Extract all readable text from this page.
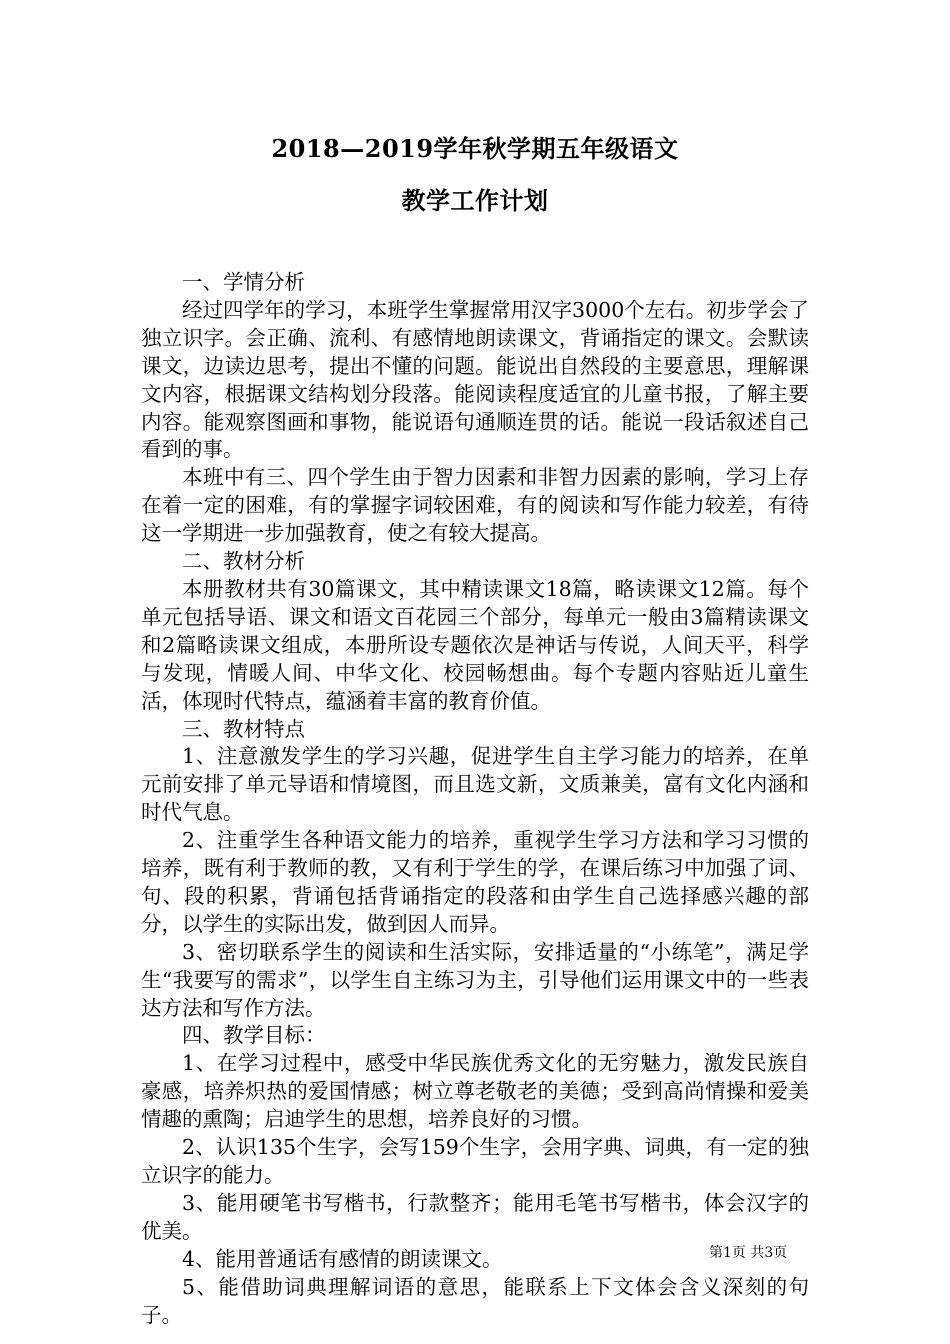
2018—2019学年秋学期五年级语文
教学工作计划

一、学情分析

经过四学年的学习，本班学生掌握常用汉字3000个左右。初步学会了独立识字。会正确、流利、有感情地朗读课文，背诵指定的课文。会默读课文，边读边思考，提出不懂的问题。能说出自然段的主要意思，理解课文内容，根据课文结构划分段落。能阅读程度适宜的儿童书报，了解主要内容。能观察图画和事物，能说语句通顺连贯的话。能说一段话叙述自己看到的事。

本班中有三、四个学生由于智力因素和非智力因素的影响，学习上存在着一定的困难，有的掌握字词较困难，有的阅读和写作能力较差，有待这一学期进一步加强教育，使之有较大提高。

二、教材分析

本册教材共有30篇课文，其中精读课文18篇，略读课文12篇。每个单元包括导语、课文和语文百花园三个部分，每单元一般由3篇精读课文和2篇略读课文组成，本册所设专题依次是神话与传说，人间天平，科学与发现，情暖人间、中华文化、校园畅想曲。每个专题内容贴近儿童生活，体现时代特点，蕴涵着丰富的教育价值。

三、教材特点

1、注意激发学生的学习兴趣，促进学生自主学习能力的培养，在单元前安排了单元导语和情境图，而且选文新，文质兼美，富有文化内涵和时代气息。

2、注重学生各种语文能力的培养，重视学生学习方法和学习习惯的培养，既有利于教师的教，又有利于学生的学，在课后练习中加强了词、句、段的积累，背诵包括背诵指定的段落和由学生自己选择感兴趣的部分，以学生的实际出发，做到因人而异。

3、密切联系学生的阅读和生活实际，安排适量的“小练笔”，满足学生“我要写的需求”，以学生自主练习为主，引导他们运用课文中的一些表达方法和写作方法。

四、教学目标：

1、在学习过程中，感受中华民族优秀文化的无穷魅力，激发民族自豪感，培养炽热的爱国情感；树立尊老敬老的美德；受到高尚情操和爱美情趣的熏陶；启迪学生的思想，培养良好的习惯。

2、认识135个生字，会写159个生字，会用字典、词典，有一定的独立识字的能力。

3、能用硬笔书写楷书，行款整齐；能用毛笔书写楷书，体会汉字的优美。

4、能用普通话有感情的朗读课文。

5、能借助词典理解词语的意思，能联系上下文体会含义深刻的句子。

第1页 共3页
